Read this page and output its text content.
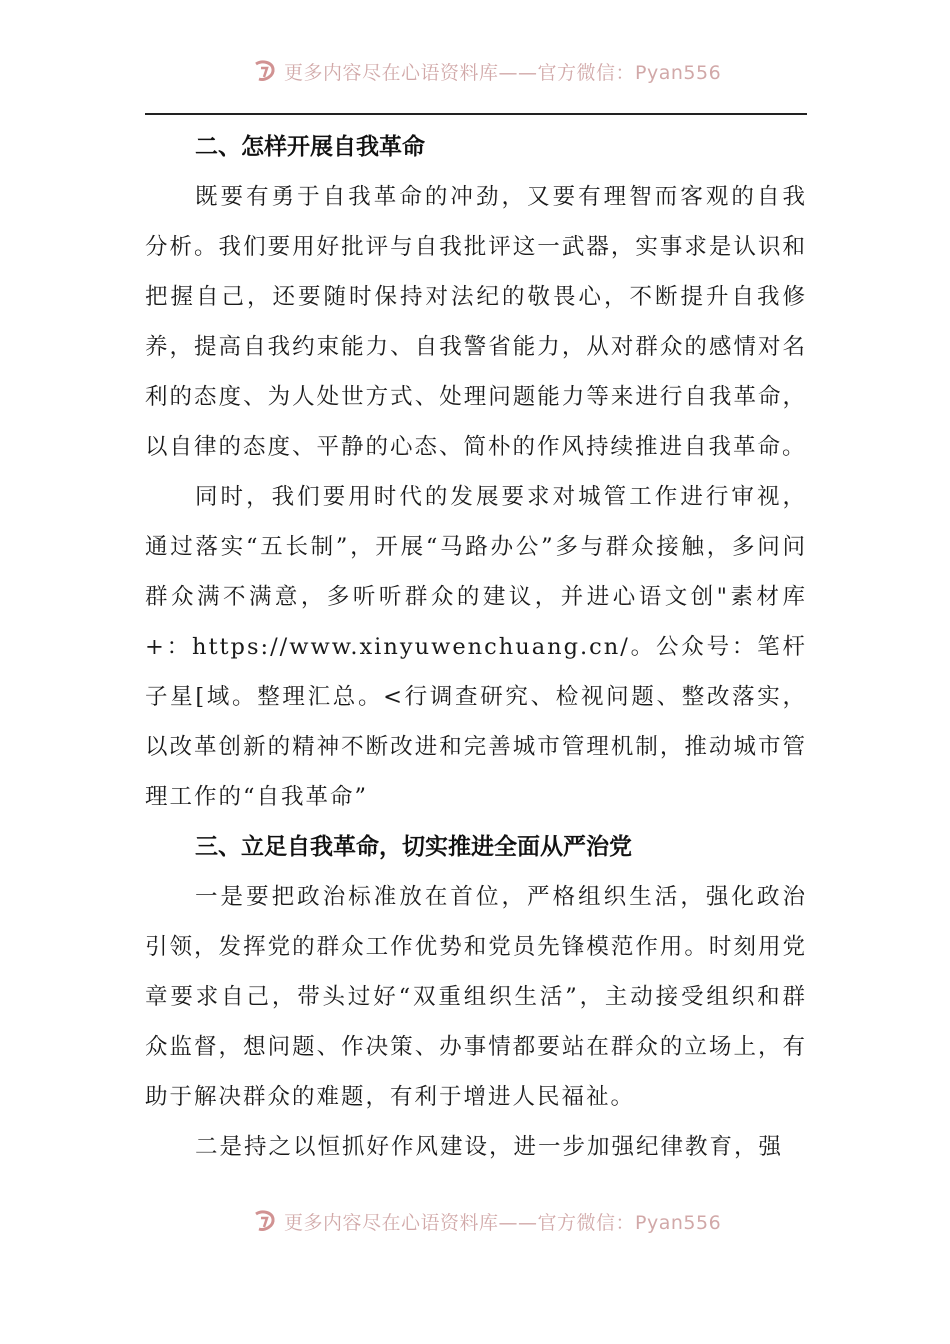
更多内容尽在心语资料库——官方微信：Pyan556
二、怎样开展自我革命

既要有勇于自我革命的冲劲，又要有理智而客观的自我分析。我们要用好批评与自我批评这一武器，实事求是认识和把握自己，还要随时保持对法纪的敬畏心，不断提升自我修养，提高自我约束能力、自我警省能力，从对群众的感情对名利的态度、为人处世方式、处理问题能力等来进行自我革命，以自律的态度、平静的心态、简朴的作风持续推进自我革命。

同时，我们要用时代的发展要求对城管工作进行审视，通过落实“五长制”，开展“马路办公”多与群众接触，多问问群众满不满意，多听听群众的建议，并进心语文创"素材库+：https://www.xinyuwenchuang.cn/。公众号：笔杆子星[域。整理汇总。<行调查研究、检视问题、整改落实，以改革创新的精神不断改进和完善城市管理机制，推动城市管理工作的“自我革命”

三、立足自我革命，切实推进全面从严治党

一是要把政治标准放在首位，严格组织生活，强化政治引领，发挥党的群众工作优势和党员先锋模范作用。时刻用党章要求自己，带头过好“双重组织生活”，主动接受组织和群众监督，想问题、作决策、办事情都要站在群众的立场上，有助于解决群众的难题，有利于增进人民福祉。

二是持之以恒抓好作风建设，进一步加强纪律教育，强

更多内容尽在心语资料库——官方微信：Pyan556
